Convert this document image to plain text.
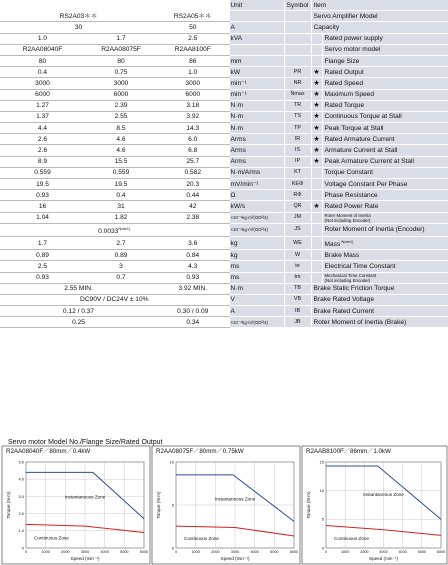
			Unit	Symbol	Item	
RS2A03＊＊		RS2A05＊＊			Servo Amplifier Model	
30		50	A		Capacity	
1.0	1.7	2.5	kVA			Rated power supply
R2AA08040F	R2AA08075F	R2AA8100F				Servo motor model
80	80	86	mm			Flange Size
0.4	0.75	1.0	kW	PR	★	Rated Output
3000	3000	3000	min⁻¹	NR	★	Rated Speed
6000	6000	6000	min⁻¹	Nmax	★	Maximum Speed
1.27	2.39	3.18	N·m	TR	★	Rated Torque
1.37	2.55	3.92	N·m	TS	★	Continuous Torque at Stall
4.4	8.5	14.3	N·m	TP	★	Peak Torque at Stall
2.6	4.6	6.0	Arms	IR	★	Rated Armature Current
2.6	4.6	6.8	Arms	IS	★	Armature Current at Stall
8.9	15.5	25.7	Arms	IP	★	Peak Armature Current at Stall
0.559	0.559	0.582	N·m/Arms	KT		Torque Constant
19.5	19.5	20.3	mV/min⁻¹	KEΦ		Voltage Constant Per Phase
0.93	0.4	0.44	Ω	RΦ		Phase Resistance
16	31	42	kW/s	QR	★	Rated Power Rate
1.04	1.82	2.38	×10⁻⁴kg·m²(GD²/4)	JM		Roter Moment of Inertia
(Not including Encoder)
$0.0033^{Note1)}$			×10⁻⁴kg·m²(GD²/4)	JS		Roter Moment of Inertia (Encoder)
1.7	2.7	3.6	kg	WE		Mass $^{Note1)}$
0.89	0.89	0.84	kg	W		Brake Mass
2.5	3	4.3	ms	te		Electrical Time Constant
0.93	0.7	0.93	ms	tm		Mechanical Time Constant
(Not including Encoder)
2.55 MIN.		3.92 MIN.	N·m	TB	Brake Static Friction Torque	
DC90V / DC24V ± 10%			V	VB	Brake Rated Voltage	
0.12 / 0.37		0.30 / 0.09	A	IB	Brake Rated Current	
0.25		0.34	×10⁻⁴kg·m²(GD²/4)	JB	Roter Moment of Inertia (Brake)	
Servo motor Model No./Flange Size/Rated Output
R2AA08040F／80mm／0.4kW
0	1000	2000	3000	4000	5000	6000
0
1.0
2.0
3.0
4.0
5.0
Instantaneous Zone
Continuous Zone
Speed (min⁻¹)
Torque (N·m)
R2AA08075F／80mm／0.75kW
0	1000	2000	3000	4000	5000	6000
0
5
10
Instantaneous Zone
Continuous Zone
Speed (min⁻¹)
Torque (N·m)
R2AAB8100F／86mm／1.0kW
0	1000	2000	3000	4000	5000	6000
0
5
10
15
Instantaneous Zone
Continuous Zone
Speed (min⁻¹)
Torque (N·m)
